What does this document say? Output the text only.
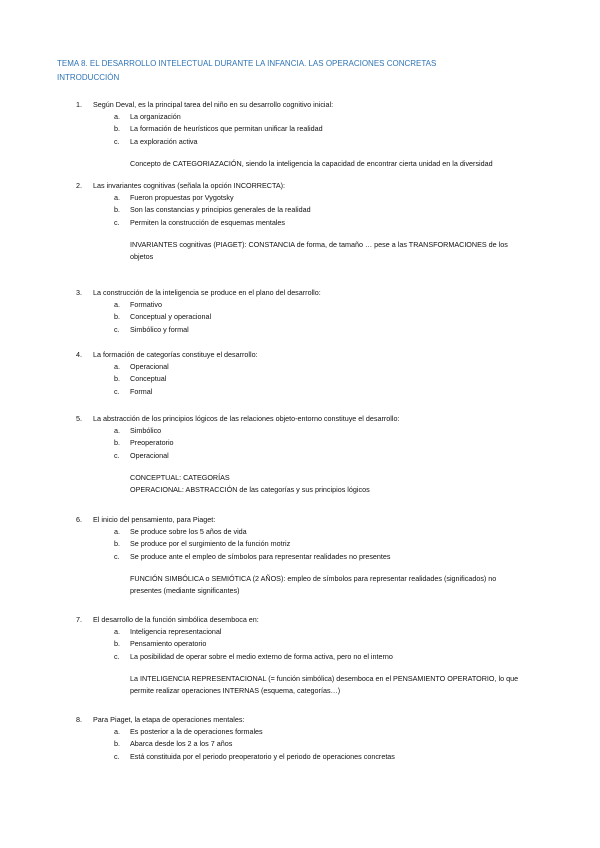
TEMA 8. EL DESARROLLO INTELECTUAL DURANTE LA INFANCIA. LAS OPERACIONES CONCRETAS
INTRODUCCIÓN
1. Según Deval, es la principal tarea del niño en su desarrollo cognitivo inicial:
a. La organización
b. La formación de heurísticos que permitan unificar la realidad
c. La exploración activa
Concepto de CATEGORIAZACIÓN, siendo la inteligencia la capacidad de encontrar cierta unidad en la diversidad
2. Las invariantes cognitivas (señala la opción INCORRECTA):
a. Fueron propuestas por Vygotsky
b. Son las constancias y principios generales de la realidad
c. Permiten la construcción de esquemas mentales
INVARIANTES cognitivas (PIAGET): CONSTANCIA de forma, de tamaño … pese a las TRANSFORMACIONES de los
objetos
3. La construcción de la inteligencia se produce en el plano del desarrollo:
a. Formativo
b. Conceptual y operacional
c. Simbólico y formal
4. La formación de categorías constituye el desarrollo:
a. Operacional
b. Conceptual
c. Formal
5. La abstracción de los principios lógicos de las relaciones objeto-entorno constituye el desarrollo:
a. Simbólico
b. Preoperatorio
c. Operacional
CONCEPTUAL: CATEGORÍAS
OPERACIONAL: ABSTRACCIÓN de las categorías y sus principios lógicos
6. El inicio del pensamiento, para Piaget:
a. Se produce sobre los 5 años de vida
b. Se produce por el surgimiento de la función motriz
c. Se produce ante el empleo de símbolos para representar realidades no presentes
FUNCIÓN SIMBÓLICA o SEMIÓTICA (2 AÑOS): empleo de símbolos para representar realidades (significados) no
presentes (mediante significantes)
7. El desarrollo de la función simbólica desemboca en:
a. Inteligencia representacional
b. Pensamiento operatorio
c. La posibilidad de operar sobre el medio externo de forma activa, pero no el interno
La INTELIGENCIA REPRESENTACIONAL (= función simbólica) desemboca en el PENSAMIENTO OPERATORIO, lo que
permite realizar operaciones INTERNAS (esquema, categorías…)
8. Para Piaget, la etapa de operaciones mentales:
a. Es posterior a la de operaciones formales
b. Abarca desde los 2 a los 7 años
c. Está constituida por el periodo preoperatorio y el periodo de operaciones concretas
